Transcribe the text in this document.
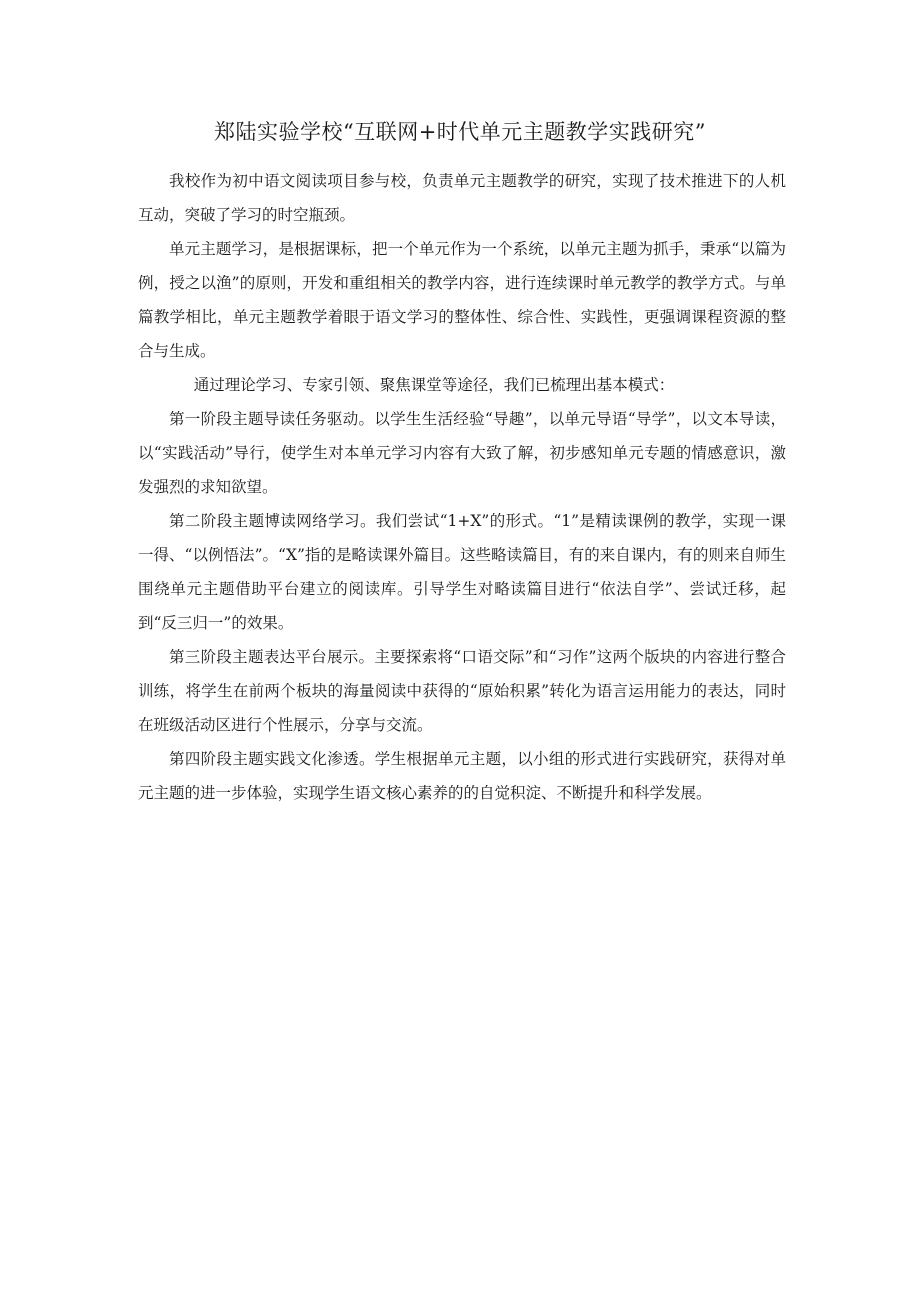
郑陆实验学校“互联网+时代单元主题教学实践研究”

我校作为初中语文阅读项目参与校，负责单元主题教学的研究，实现了技术推进下的人机互动，突破了学习的时空瓶颈。

单元主题学习，是根据课标，把一个单元作为一个系统，以单元主题为抓手，秉承“以篇为例，授之以渔”的原则，开发和重组相关的教学内容，进行连续课时单元教学的教学方式。与单篇教学相比，单元主题教学着眼于语文学习的整体性、综合性、实践性，更强调课程资源的整合与生成。

通过理论学习、专家引领、聚焦课堂等途径，我们已梳理出基本模式：

第一阶段主题导读任务驱动。以学生生活经验“导趣”，以单元导语“导学”，以文本导读，以“实践活动”导行，使学生对本单元学习内容有大致了解，初步感知单元专题的情感意识，激发强烈的求知欲望。

第二阶段主题博读网络学习。我们尝试“1+X”的形式。“1”是精读课例的教学，实现一课一得、“以例悟法”。“X”指的是略读课外篇目。这些略读篇目，有的来自课内，有的则来自师生围绕单元主题借助平台建立的阅读库。引导学生对略读篇目进行“依法自学”、尝试迁移，起到“反三归一”的效果。

第三阶段主题表达平台展示。主要探索将“口语交际”和“习作”这两个版块的内容进行整合训练，将学生在前两个板块的海量阅读中获得的“原始积累”转化为语言运用能力的表达，同时在班级活动区进行个性展示，分享与交流。

第四阶段主题实践文化渗透。学生根据单元主题，以小组的形式进行实践研究，获得对单元主题的进一步体验，实现学生语文核心素养的的自觉积淀、不断提升和科学发展。
